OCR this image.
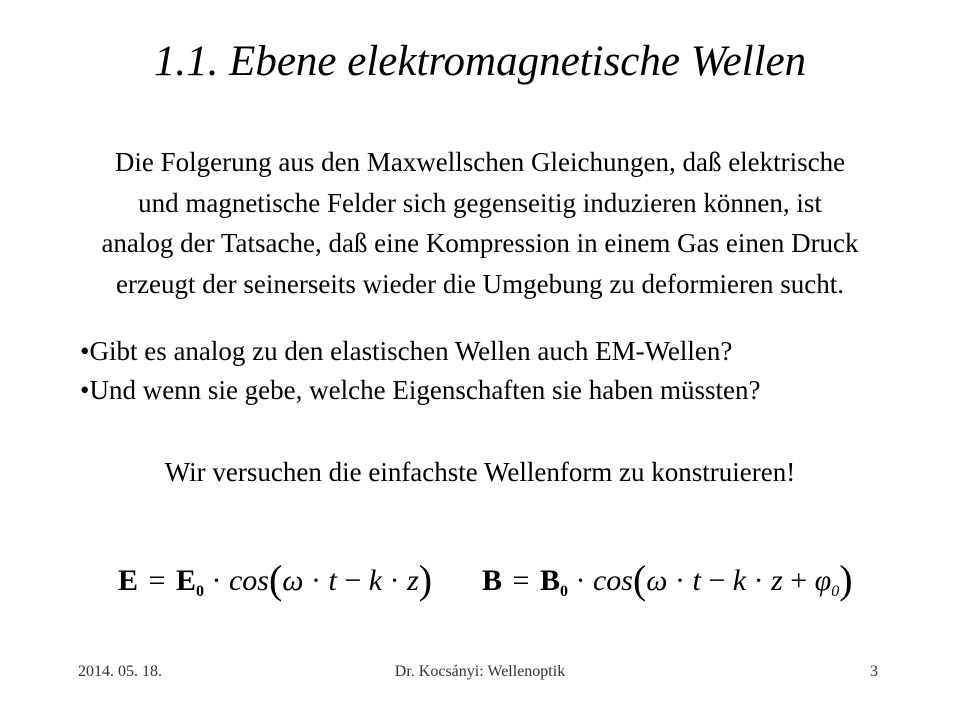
1.1. Ebene elektromagnetische Wellen
Die Folgerung aus den Maxwellschen Gleichungen, daß elektrische
und magnetische Felder sich gegenseitig induzieren können, ist
analog der Tatsache, daß eine Kompression in einem Gas einen Druck
erzeugt der seinerseits wieder die Umgebung zu deformieren sucht.
•Gibt es analog zu den elastischen Wellen auch EM-Wellen?
•Und wenn sie gebe, welche Eigenschaften sie haben müssten?
Wir versuchen die einfachste Wellenform zu konstruieren!
$E = E_0 \cdot \cos(\omega \cdot t - k \cdot z) B = B_0 \cdot \cos(\omega \cdot t - k \cdot z + \varphi_0)$
2014. 05. 18.	Dr. Kocsányi: Wellenoptik	3
